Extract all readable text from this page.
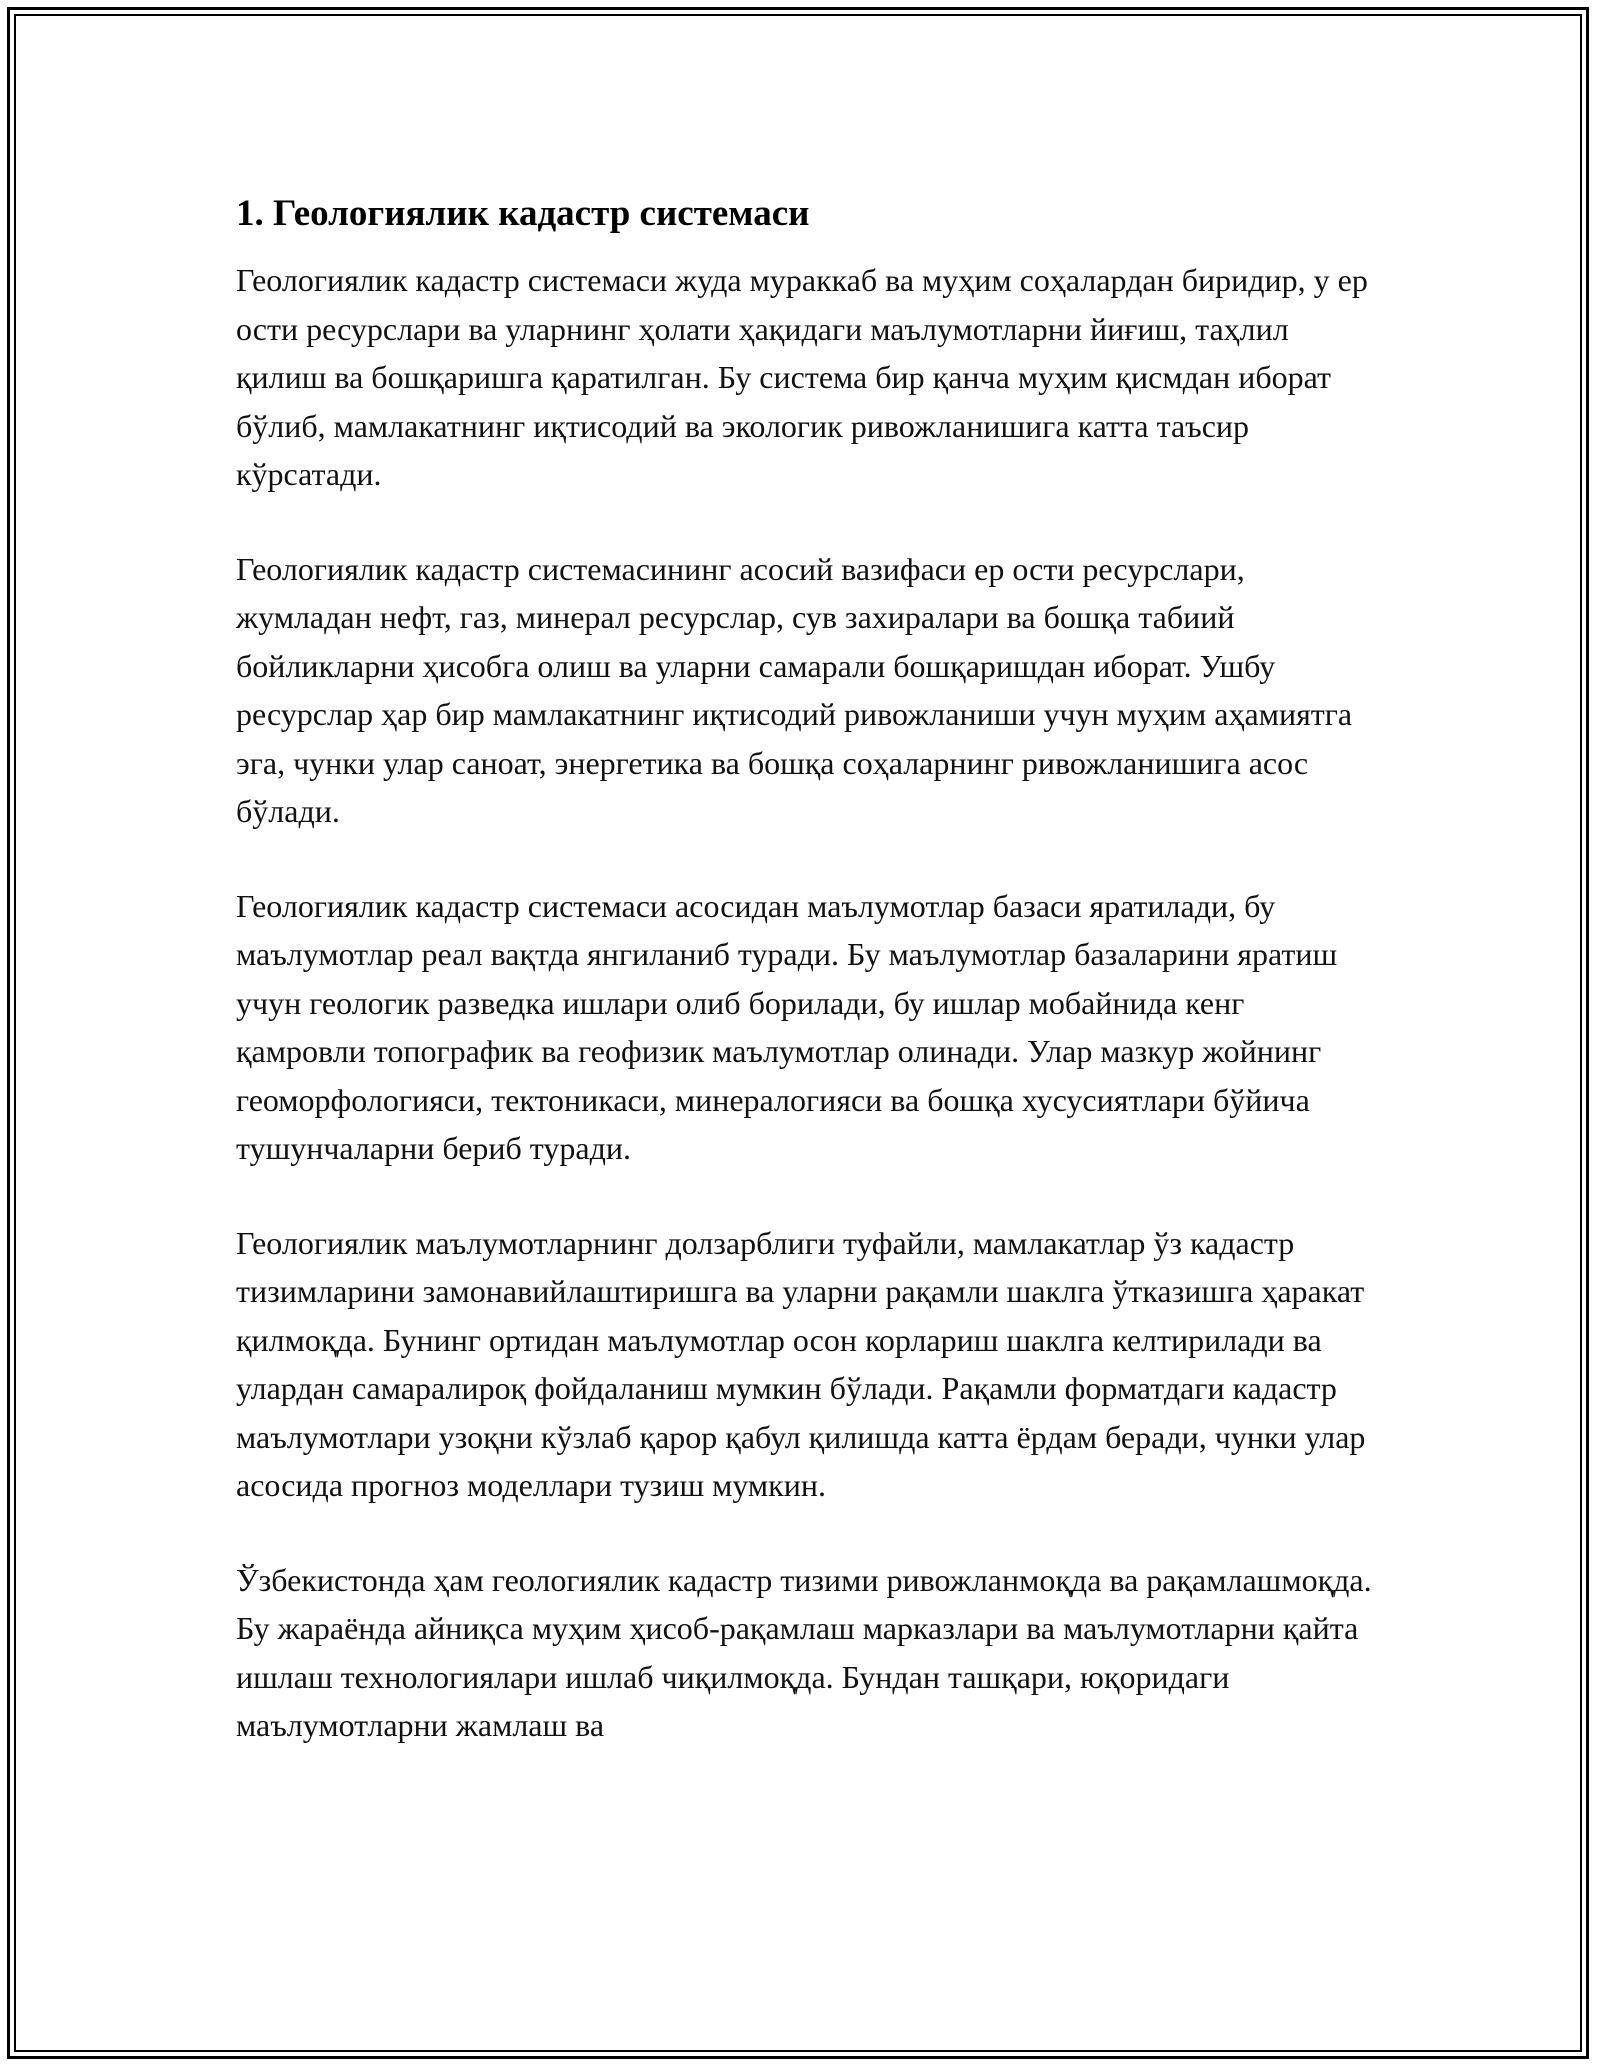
1. Геологиялик кадастр системаси

Геологиялик кадастр системаси жуда мураккаб ва муҳим соҳалардан биридир, у ер ости ресурслари ва уларнинг ҳолати ҳақидаги маълумотларни йиғиш, таҳлил қилиш ва бошқаришга қаратилган. Бу система бир қанча муҳим қисмдан иборат бўлиб, мамлакатнинг иқтисодий ва экологик ривожланишига катта таъсир кўрсатади.

Геологиялик кадастр системасининг асосий вазифаси ер ости ресурслари, жумладан нефт, газ, минерал ресурслар, сув захиралари ва бошқа табиий бойликларни ҳисобга олиш ва уларни самарали бошқаришдан иборат. Ушбу ресурслар ҳар бир мамлакатнинг иқтисодий ривожланиши учун муҳим аҳамиятга эга, чунки улар саноат, энергетика ва бошқа соҳаларнинг ривожланишига асос бўлади.

Геологиялик кадастр системаси асосидан маълумотлар базаси яратилади, бу маълумотлар реал вақтда янгиланиб туради. Бу маълумотлар базаларини яратиш учун геологик разведка ишлари олиб борилади, бу ишлар мобайнида кенг қамровли топографик ва геофизик маълумотлар олинади. Улар мазкур жойнинг геоморфологияси, тектоникаси, минералогияси ва бошқа хусусиятлари бўйича тушунчаларни бериб туради.

Геологиялик маълумотларнинг долзарблиги туфайли, мамлакатлар ўз кадастр тизимларини замонавийлаштиришга ва уларни рақамли шаклга ўтказишга ҳаракат қилмоқда. Бунинг ортидан маълумотлар осон корлариш шаклга келтирилади ва улардан самаралироқ фойдаланиш мумкин бўлади. Рақамли форматдаги кадастр маълумотлари узоқни кўзлаб қарор қабул қилишда катта ёрдам беради, чунки улар асосида прогноз моделлари тузиш мумкин.

Ўзбекистонда ҳам геологиялик кадастр тизими ривожланмоқда ва рақамлашмоқда. Бу жараёнда айниқса муҳим ҳисоб-рақамлаш марказлари ва маълумотларни қайта ишлаш технологиялари ишлаб чиқилмоқда. Бундан ташқари, юқоридаги маълумотларни жамлаш ва
